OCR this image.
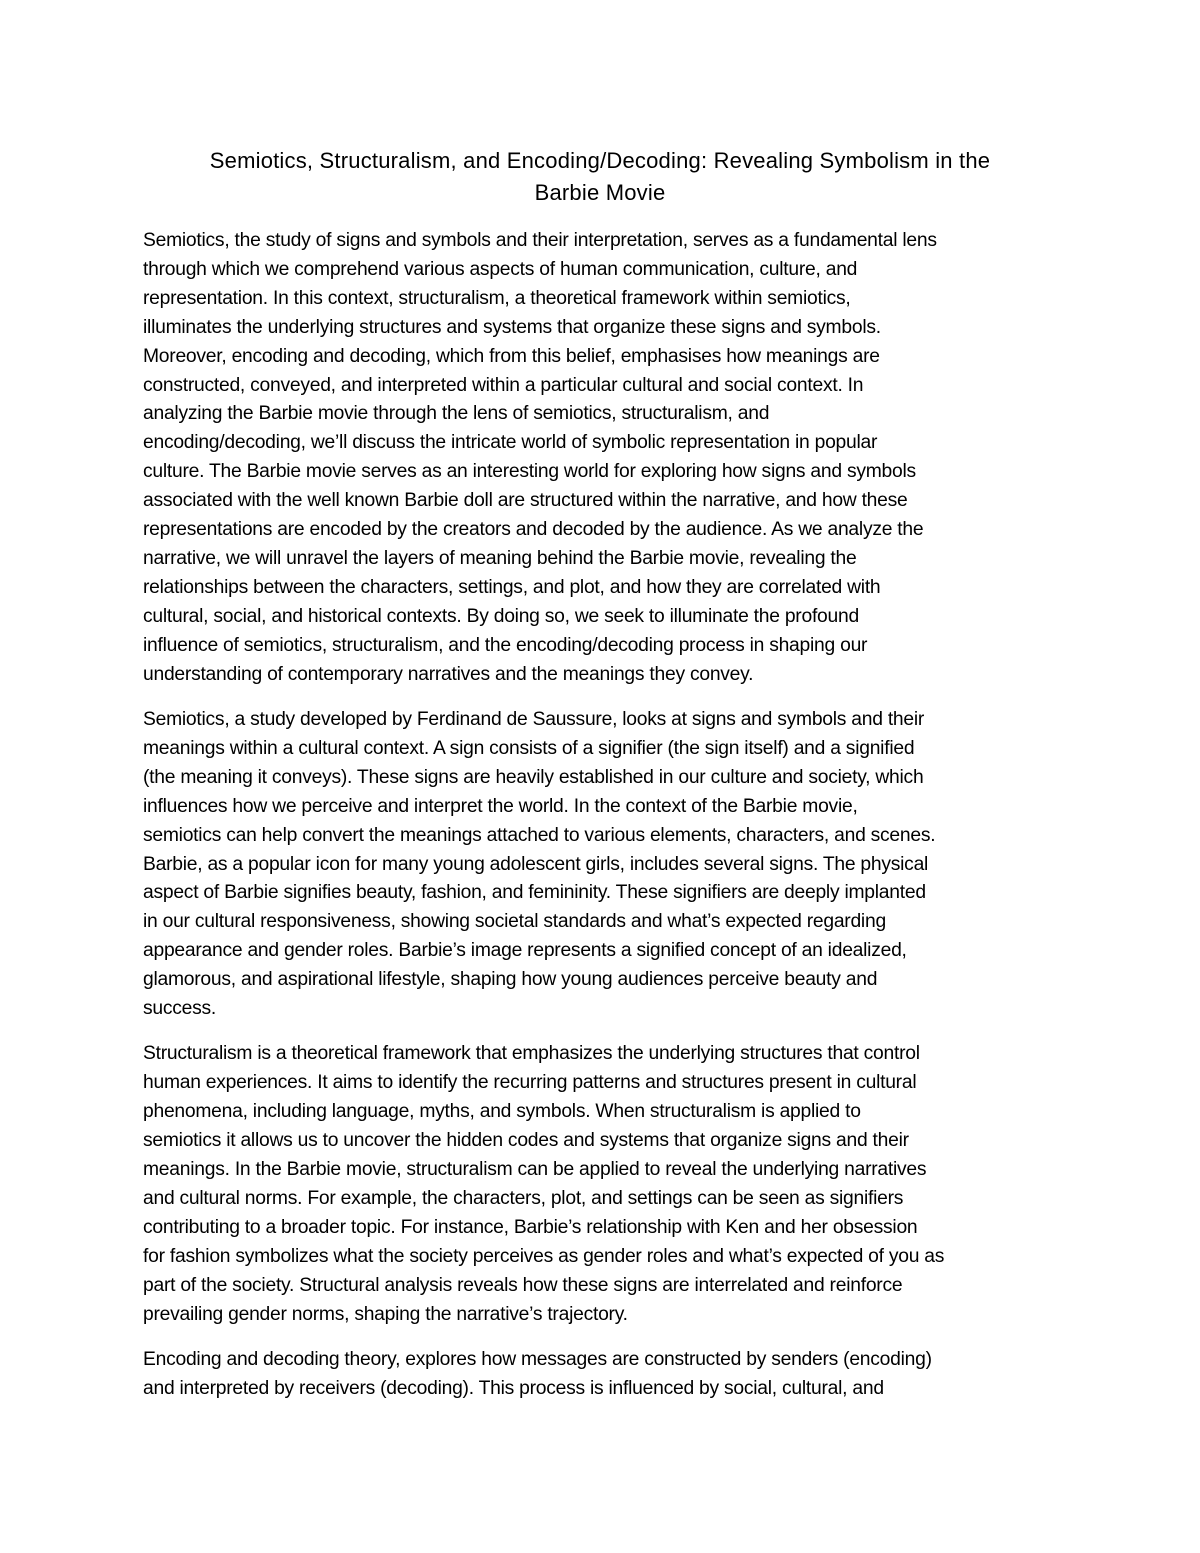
Semiotics, Structuralism, and Encoding/Decoding: Revealing Symbolism in the
Barbie Movie

Semiotics, the study of signs and symbols and their interpretation, serves as a fundamental lens
through which we comprehend various aspects of human communication, culture, and
representation. In this context, structuralism, a theoretical framework within semiotics,
illuminates the underlying structures and systems that organize these signs and symbols.
Moreover, encoding and decoding, which from this belief, emphasises how meanings are
constructed, conveyed, and interpreted within a particular cultural and social context. In
analyzing the Barbie movie through the lens of semiotics, structuralism, and
encoding/decoding, we’ll discuss the intricate world of symbolic representation in popular
culture. The Barbie movie serves as an interesting world for exploring how signs and symbols
associated with the well known Barbie doll are structured within the narrative, and how these
representations are encoded by the creators and decoded by the audience. As we analyze the
narrative, we will unravel the layers of meaning behind the Barbie movie, revealing the
relationships between the characters, settings, and plot, and how they are correlated with
cultural, social, and historical contexts. By doing so, we seek to illuminate the profound
influence of semiotics, structuralism, and the encoding/decoding process in shaping our
understanding of contemporary narratives and the meanings they convey.

Semiotics, a study developed by Ferdinand de Saussure, looks at signs and symbols and their
meanings within a cultural context. A sign consists of a signifier (the sign itself) and a signified
(the meaning it conveys). These signs are heavily established in our culture and society, which
influences how we perceive and interpret the world. In the context of the Barbie movie,
semiotics can help convert the meanings attached to various elements, characters, and scenes.
Barbie, as a popular icon for many young adolescent girls, includes several signs. The physical
aspect of Barbie signifies beauty, fashion, and femininity. These signifiers are deeply implanted
in our cultural responsiveness, showing societal standards and what’s expected regarding
appearance and gender roles. Barbie’s image represents a signified concept of an idealized,
glamorous, and aspirational lifestyle, shaping how young audiences perceive beauty and
success.

Structuralism is a theoretical framework that emphasizes the underlying structures that control
human experiences. It aims to identify the recurring patterns and structures present in cultural
phenomena, including language, myths, and symbols. When structuralism is applied to
semiotics it allows us to uncover the hidden codes and systems that organize signs and their
meanings. In the Barbie movie, structuralism can be applied to reveal the underlying narratives
and cultural norms. For example, the characters, plot, and settings can be seen as signifiers
contributing to a broader topic. For instance, Barbie’s relationship with Ken and her obsession
for fashion symbolizes what the society perceives as gender roles and what’s expected of you as
part of the society. Structural analysis reveals how these signs are interrelated and reinforce
prevailing gender norms, shaping the narrative’s trajectory.

Encoding and decoding theory, explores how messages are constructed by senders (encoding)
and interpreted by receivers (decoding). This process is influenced by social, cultural, and
